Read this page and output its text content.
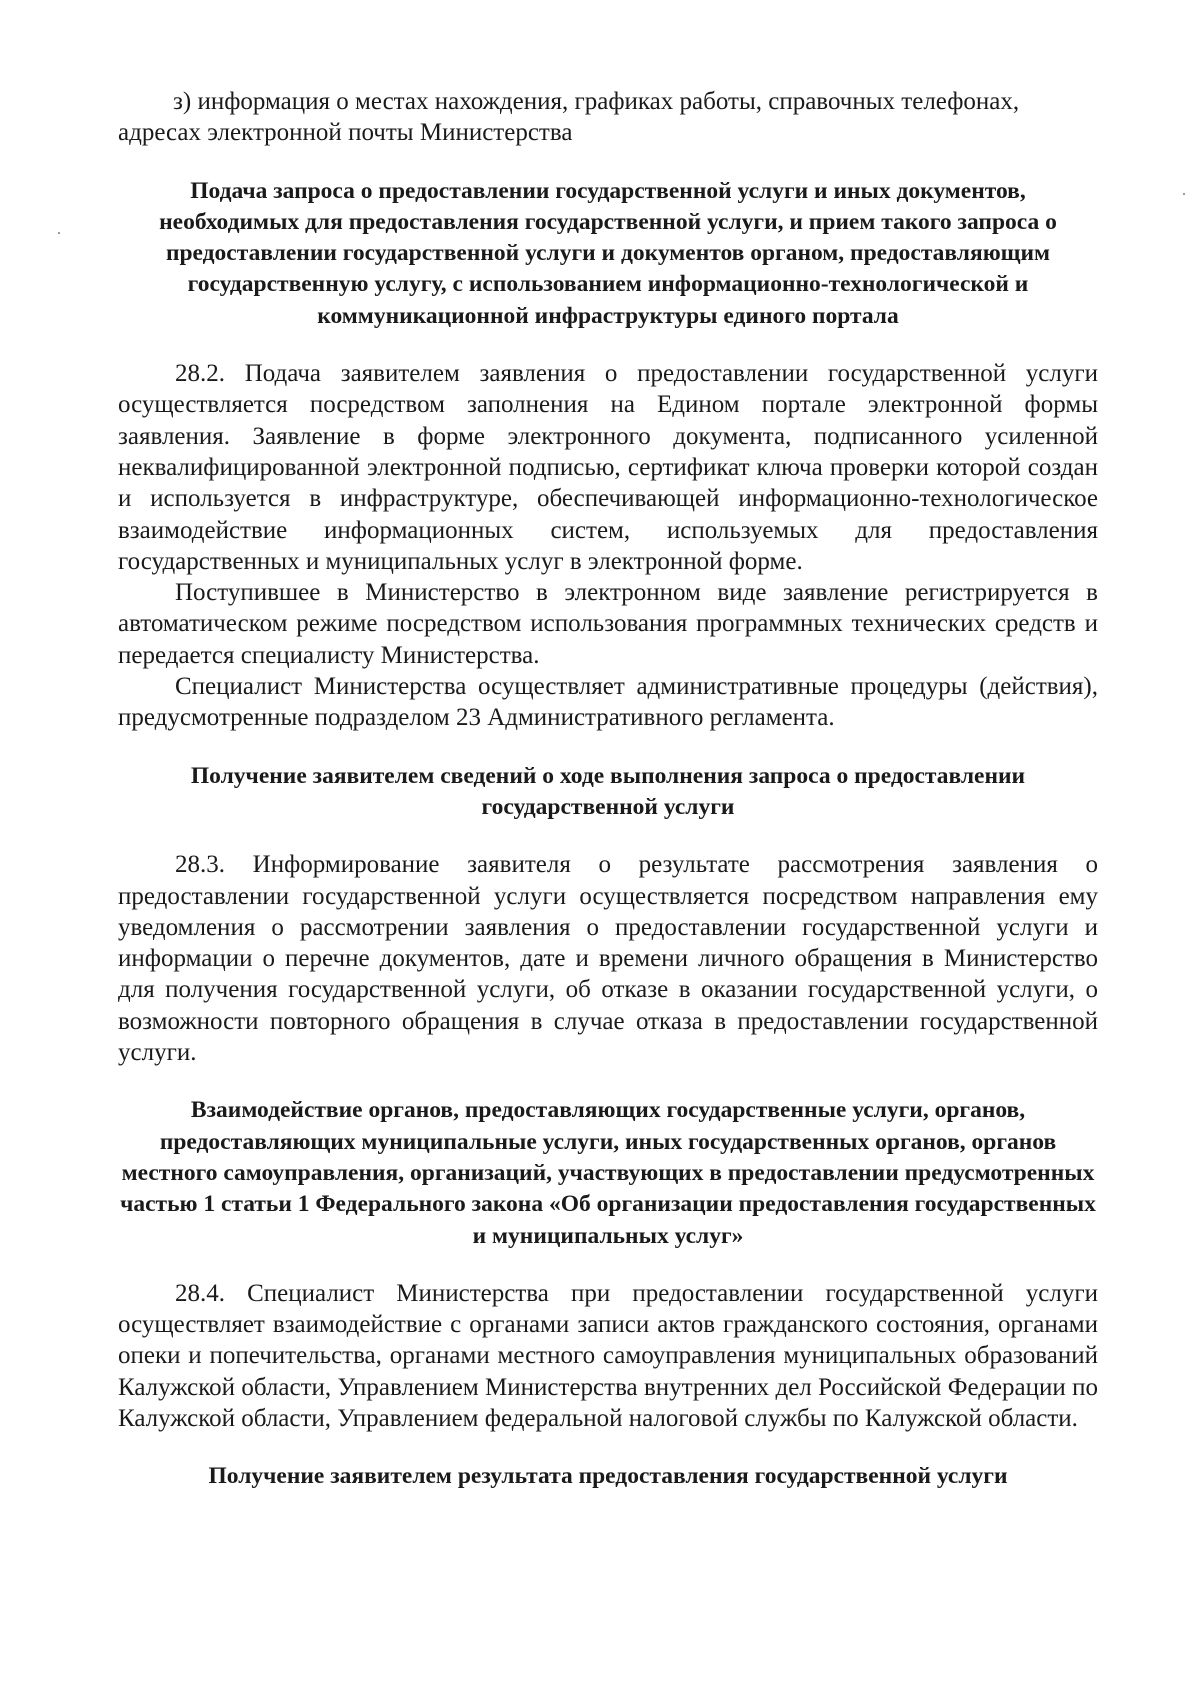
з) информация о местах нахождения, графиках работы, справочных телефонах, адресах электронной почты Министерства

Подача запроса о предоставлении государственной услуги и иных документов, необходимых для предоставления государственной услуги, и прием такого запроса о предоставлении государственной услуги и документов органом, предоставляющим государственную услугу, с использованием информационно-технологической и коммуникационной инфраструктуры единого портала

28.2. Подача заявителем заявления о предоставлении государственной услуги осуществляется посредством заполнения на Едином портале электронной формы заявления. Заявление в форме электронного документа, подписанного усиленной неквалифицированной электронной подписью, сертификат ключа проверки которой создан и используется в инфраструктуре, обеспечивающей информационно-технологическое взаимодействие информационных систем, используемых для предоставления государственных и муниципальных услуг в электронной форме.

Поступившее в Министерство в электронном виде заявление регистрируется в автоматическом режиме посредством использования программных технических средств и передается специалисту Министерства.

Специалист Министерства осуществляет административные процедуры (действия), предусмотренные подразделом 23 Административного регламента.

Получение заявителем сведений о ходе выполнения запроса о предоставлении государственной услуги

28.3. Информирование заявителя о результате рассмотрения заявления о предоставлении государственной услуги осуществляется посредством направления ему уведомления о рассмотрении заявления о предоставлении государственной услуги и информации о перечне документов, дате и времени личного обращения в Министерство для получения государственной услуги, об отказе в оказании государственной услуги, о возможности повторного обращения в случае отказа в предоставлении государственной услуги.

Взаимодействие органов, предоставляющих государственные услуги, органов, предоставляющих муниципальные услуги, иных государственных органов, органов местного самоуправления, организаций, участвующих в предоставлении предусмотренных частью 1 статьи 1 Федерального закона «Об организации предоставления государственных и муниципальных услуг»

28.4. Специалист Министерства при предоставлении государственной услуги осуществляет взаимодействие с органами записи актов гражданского состояния, органами опеки и попечительства, органами местного самоуправления муниципальных образований Калужской области, Управлением Министерства внутренних дел Российской Федерации по Калужской области, Управлением федеральной налоговой службы по Калужской области.

Получение заявителем результата предоставления государственной услуги
